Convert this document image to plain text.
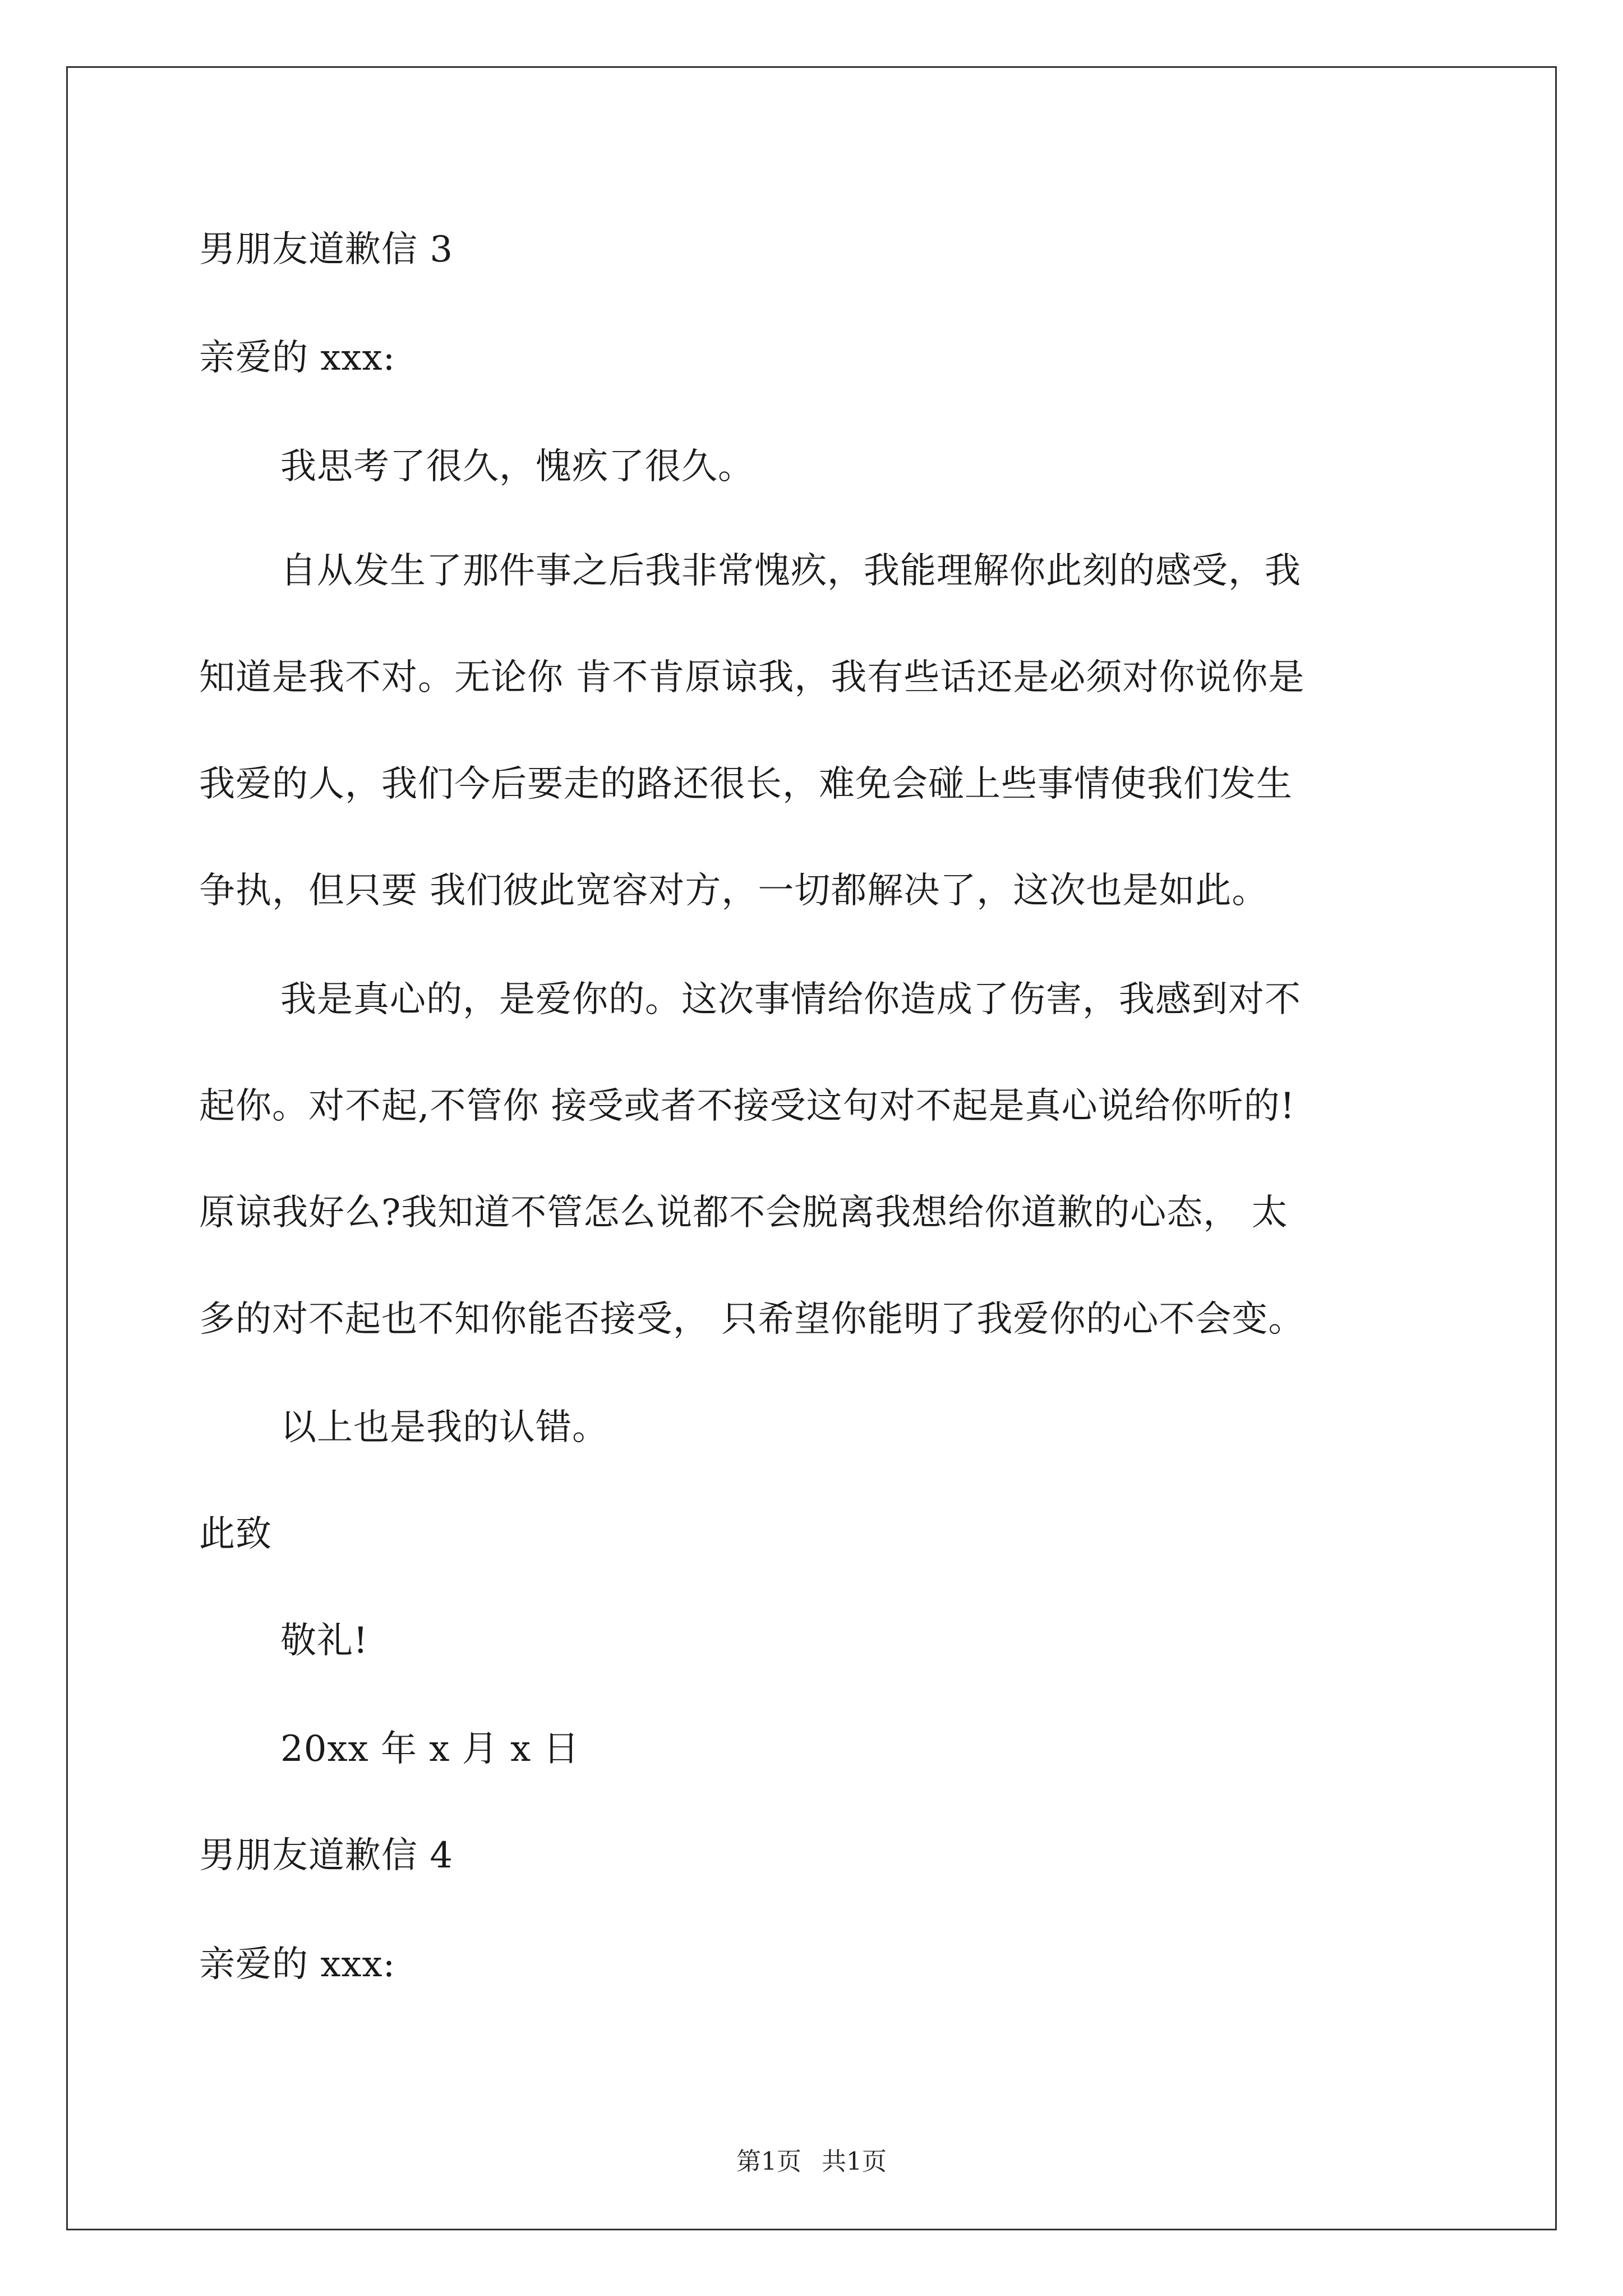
男朋友道歉信 3
亲爱的 xxx:
我思考了很久，愧疚了很久。
自从发生了那件事之后我非常愧疚，我能理解你此刻的感受，我
知道是我不对。无论你 肯不肯原谅我，我有些话还是必须对你说你是
我爱的人，我们今后要走的路还很长，难免会碰上些事情使我们发生
争执，但只要 我们彼此宽容对方，一切都解决了，这次也是如此。
我是真心的，是爱你的。这次事情给你造成了伤害，我感到对不
起你。对不起,不管你 接受或者不接受这句对不起是真心说给你听的!
原谅我好么?我知道不管怎么说都不会脱离我想给你道歉的心态， 太
多的对不起也不知你能否接受， 只希望你能明了我爱你的心不会变。
以上也是我的认错。
此致
敬礼!
20xx 年 x 月 x 日
男朋友道歉信 4
亲爱的 xxx:
第1页 共1页
